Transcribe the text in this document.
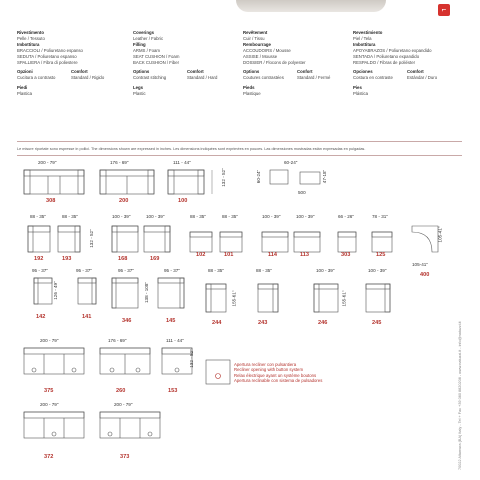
⌐
Rivestimento
Pelle / Tessuto
Imbottitura
BRACCIOLI / Poliuretano espanso
SEDUTA / Poliuretano espanso
SPALLIERA / Fibra di poliestere
Opzioni	Comfort
Cucitura a contrasto	Standard / Rigido
Piedi
Plastica
Coverings
Leather / Fabric
Filling
ARMS / Foam
SEAT CUSHION / Foam
BACK CUSHION / Fiber
Options	Comfort
Contrast stitching	Standard / Hard
Legs
Plastic
Revêtement
Cuir / Tissu
Rembourrage
ACCOUDOIRS / Mousse
ASSISE / Mousse
DOSSIER / Flocons de polyester
Options	Confort
Coutures contrastées	Standard / Fermé
Pieds
Plastique
Revestimiento
Piel / Tela
Imbottitura
APOYABRAZOS / Poliuretano expandido
SENTADA / Poliuretano expandido
RESPALDO / Fibras de poliéster
Opciones	Comfort
Costura en contraste	Estándar / Duro
Pies
Plástica
Le misure riportate sono espresse in pollici. The dimensions shown are expressed in inches. Les dimensions indiquées sont exprimées en pouces. Las dimensiones mostradas están expresadas en pulgadas.
200 - 79"	176 - 69"	111 - 44"	60-24"
132 - 52"	60-24"	47-18"
308	200	100
500
88 - 35"	88 - 35"	100 - 39"	100 - 39"	88 - 35"	88 - 35"	100 - 39"	100 - 39"	66 - 26"	78 - 31"
105-41"
132 - 52"	105-41"
192	193	168	169
102	101	114	113	303	125
400
95 - 37"	95 - 37"	95 - 37"	95 - 37"	88 - 35"	88 - 35"	100 - 39"	100 - 39"
126 - 49"	138 - 108"	155-61"	155-61"
142	141
346	145	244	243	246	245
200 - 79"	176 - 69"	111 - 44"
132 - 52"
375	260	153
Apertura recliner con pulsantiera
Recliner opening with button system
Relax électrique ayant un système boutons
Apertura reclinable con sistema de pulsadores
200 - 79"	200 - 79"
372	373	70022 Altamura (BA) Italy - Tel + Fax +39 080 8820208 - www.natuzzi.it - info@natuzzi.it
